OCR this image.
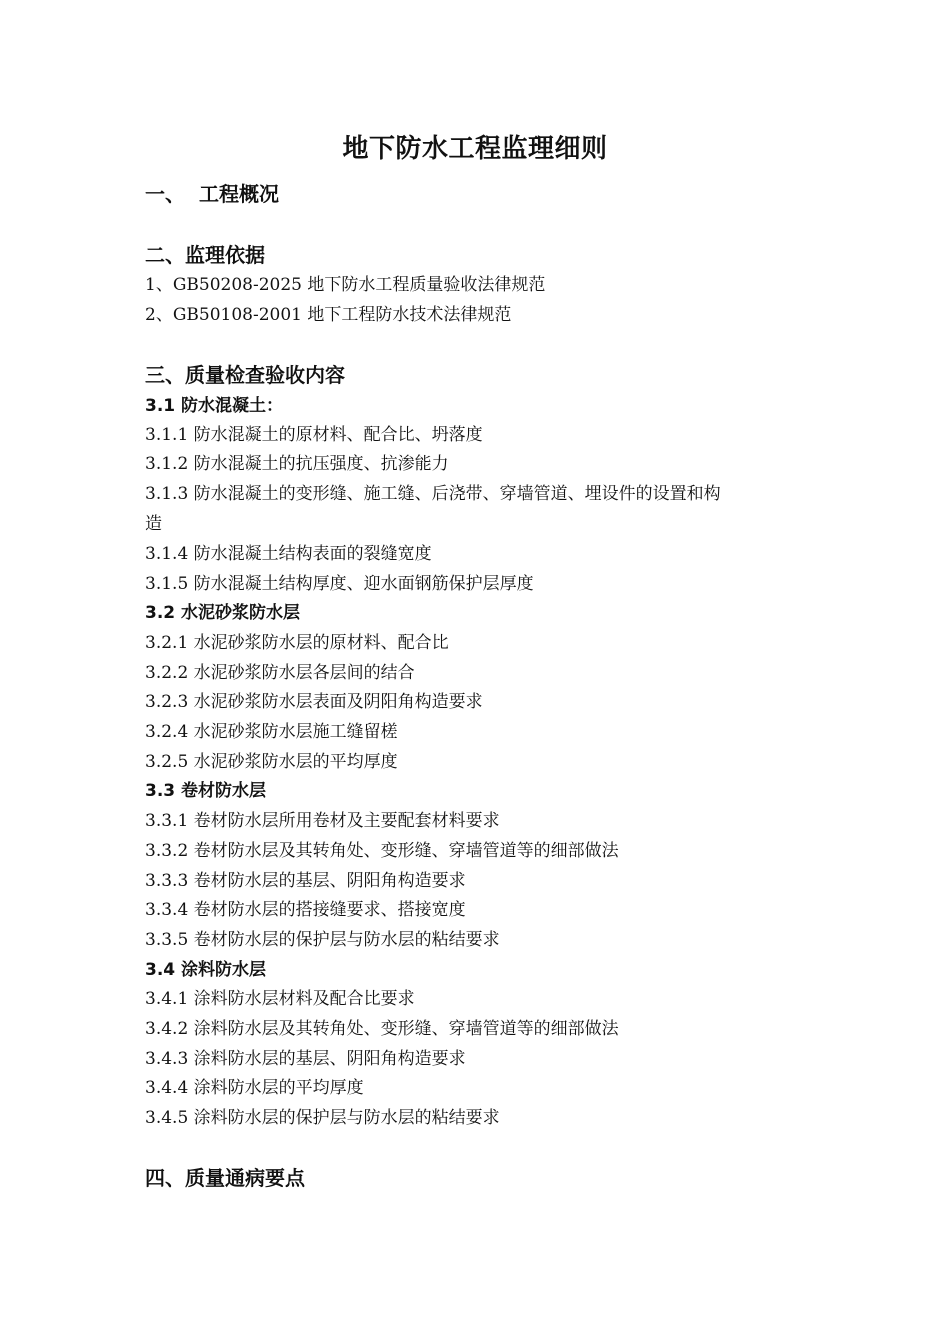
地下防水工程监理细则
一、 工程概况
二、监理依据
1、GB50208-2025 地下防水工程质量验收法律规范
2、GB50108-2001 地下工程防水技术法律规范
三、质量检查验收内容
3.1 防水混凝土：
3.1.1 防水混凝土的原材料、配合比、坍落度
3.1.2 防水混凝土的抗压强度、抗渗能力
3.1.3 防水混凝土的变形缝、施工缝、后浇带、穿墙管道、埋设件的设置和构
造
3.1.4 防水混凝土结构表面的裂缝宽度
3.1.5 防水混凝土结构厚度、迎水面钢筋保护层厚度
3.2 水泥砂浆防水层
3.2.1 水泥砂浆防水层的原材料、配合比
3.2.2 水泥砂浆防水层各层间的结合
3.2.3 水泥砂浆防水层表面及阴阳角构造要求
3.2.4 水泥砂浆防水层施工缝留槎
3.2.5 水泥砂浆防水层的平均厚度
3.3 卷材防水层
3.3.1 卷材防水层所用卷材及主要配套材料要求
3.3.2 卷材防水层及其转角处、变形缝、穿墙管道等的细部做法
3.3.3 卷材防水层的基层、阴阳角构造要求
3.3.4 卷材防水层的搭接缝要求、搭接宽度
3.3.5 卷材防水层的保护层与防水层的粘结要求
3.4 涂料防水层
3.4.1 涂料防水层材料及配合比要求
3.4.2 涂料防水层及其转角处、变形缝、穿墙管道等的细部做法
3.4.3 涂料防水层的基层、阴阳角构造要求
3.4.4 涂料防水层的平均厚度
3.4.5 涂料防水层的保护层与防水层的粘结要求
四、质量通病要点
